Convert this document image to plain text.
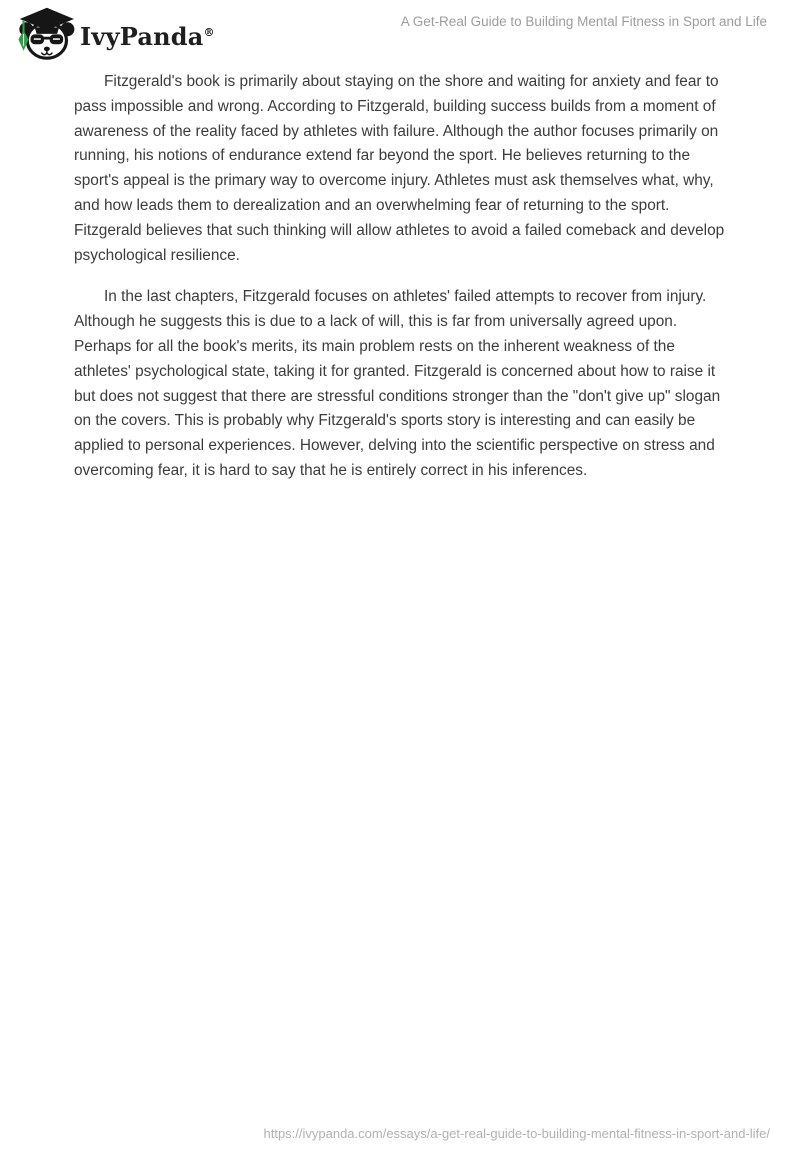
IvyPanda®
A Get-Real Guide to Building Mental Fitness in Sport and Life

Fitzgerald's book is primarily about staying on the shore and waiting for anxiety and fear to pass impossible and wrong. According to Fitzgerald, building success builds from a moment of awareness of the reality faced by athletes with failure. Although the author focuses primarily on running, his notions of endurance extend far beyond the sport. He believes returning to the sport's appeal is the primary way to overcome injury. Athletes must ask themselves what, why, and how leads them to derealization and an overwhelming fear of returning to the sport. Fitzgerald believes that such thinking will allow athletes to avoid a failed comeback and develop psychological resilience.

In the last chapters, Fitzgerald focuses on athletes' failed attempts to recover from injury. Although he suggests this is due to a lack of will, this is far from universally agreed upon. Perhaps for all the book's merits, its main problem rests on the inherent weakness of the athletes' psychological state, taking it for granted. Fitzgerald is concerned about how to raise it but does not suggest that there are stressful conditions stronger than the "don't give up" slogan on the covers. This is probably why Fitzgerald's sports story is interesting and can easily be applied to personal experiences. However, delving into the scientific perspective on stress and overcoming fear, it is hard to say that he is entirely correct in his inferences.

https://ivypanda.com/essays/a-get-real-guide-to-building-mental-fitness-in-sport-and-life/
